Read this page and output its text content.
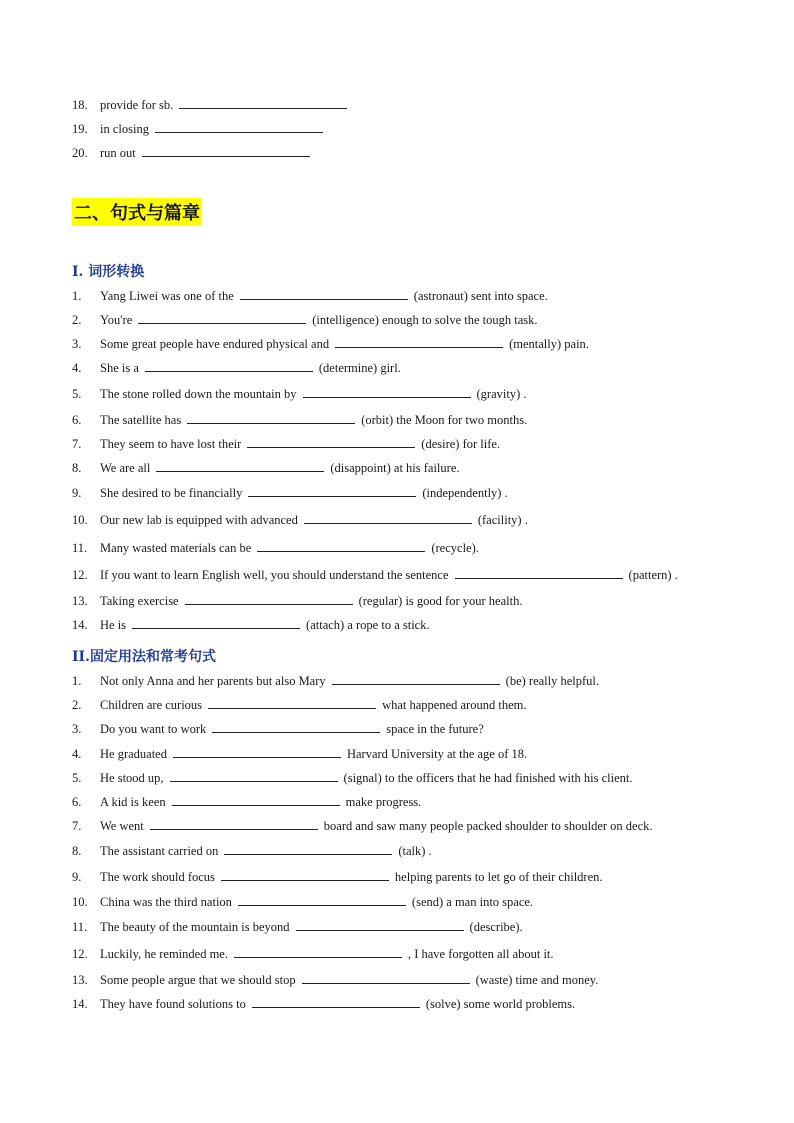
18. provide for sb.
19. in closing
20. run out
二、句式与篇章
I. 词形转换
1. Yang Liwei was one of the	(astronaut) sent into space.
2. You're	(intelligence) enough to solve the tough task.
3. Some great people have endured physical and	(mentally) pain.
4. She is a	(determine) girl.
5. The stone rolled down the mountain by	(gravity) .
6. The satellite has	(orbit) the Moon for two months.
7. They seem to have lost their	(desire) for life.
8. We are all	(disappoint) at his failure.
9. She desired to be financially	(independently) .
10. Our new lab is equipped with advanced	(facility) .
11. Many wasted materials can be	(recycle).
12. If you want to learn English well, you should understand the sentence	(pattern) .
13. Taking exercise	(regular) is good for your health.
14. He is	(attach) a rope to a stick.
II.固定用法和常考句式
1. Not only Anna and her parents but also Mary	(be) really helpful.
2. Children are curious	what happened around them.
3. Do you want to work	space in the future?
4. He graduated	Harvard University at the age of 18.
5. He stood up,	(signal) to the officers that he had finished with his client.
6. A kid is keen	make progress.
7. We went	board and saw many people packed shoulder to shoulder on deck.
8. The assistant carried on	(talk) .
9. The work should focus	helping parents to let go of their children.
10. China was the third nation	(send) a man into space.
11. The beauty of the mountain is beyond	(describe).
12. Luckily, he reminded me.	, I have forgotten all about it.
13. Some people argue that we should stop	(waste) time and money.
14. They have found solutions to	(solve) some world problems.
